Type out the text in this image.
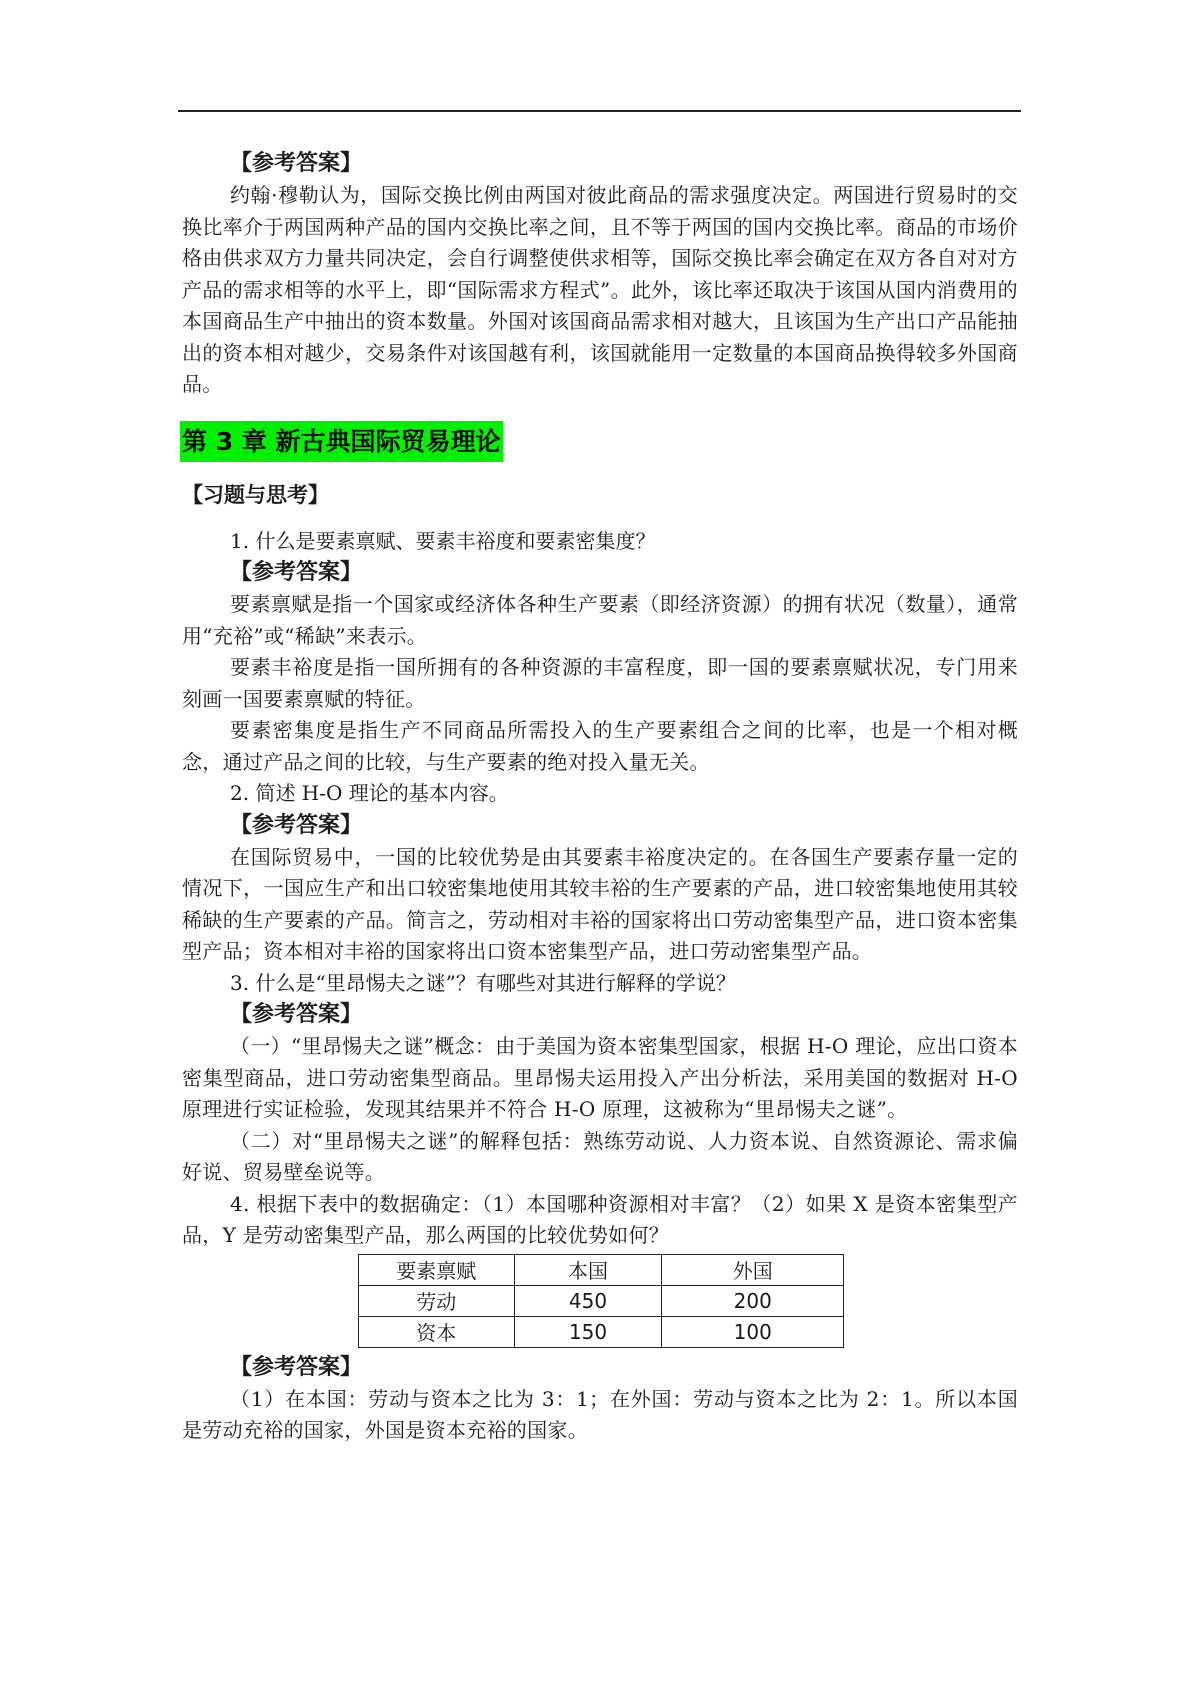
【参考答案】

约翰·穆勒认为，国际交换比例由两国对彼此商品的需求强度决定。两国进行贸易时的交换比率介于两国两种产品的国内交换比率之间，且不等于两国的国内交换比率。商品的市场价格由供求双方力量共同决定，会自行调整使供求相等，国际交换比率会确定在双方各自对对方产品的需求相等的水平上，即“国际需求方程式”。此外，该比率还取决于该国从国内消费用的本国商品生产中抽出的资本数量。外国对该国商品需求相对越大，且该国为生产出口产品能抽出的资本相对越少，交易条件对该国越有利，该国就能用一定数量的本国商品换得较多外国商品。

第 3 章 新古典国际贸易理论

【习题与思考】

1. 什么是要素禀赋、要素丰裕度和要素密集度？

【参考答案】

要素禀赋是指一个国家或经济体各种生产要素（即经济资源）的拥有状况（数量），通常用“充裕”或“稀缺”来表示。

要素丰裕度是指一国所拥有的各种资源的丰富程度，即一国的要素禀赋状况，专门用来刻画一国要素禀赋的特征。

要素密集度是指生产不同商品所需投入的生产要素组合之间的比率，也是一个相对概念，通过产品之间的比较，与生产要素的绝对投入量无关。

2. 简述 H-O 理论的基本内容。

【参考答案】

在国际贸易中，一国的比较优势是由其要素丰裕度决定的。在各国生产要素存量一定的情况下，一国应生产和出口较密集地使用其较丰裕的生产要素的产品，进口较密集地使用其较稀缺的生产要素的产品。简言之，劳动相对丰裕的国家将出口劳动密集型产品，进口资本密集型产品；资本相对丰裕的国家将出口资本密集型产品，进口劳动密集型产品。

3. 什么是“里昂惕夫之谜”？有哪些对其进行解释的学说？

【参考答案】

（一）“里昂惕夫之谜”概念：由于美国为资本密集型国家，根据 H-O 理论，应出口资本密集型商品，进口劳动密集型商品。里昂惕夫运用投入产出分析法，采用美国的数据对 H-O 原理进行实证检验，发现其结果并不符合 H-O 原理，这被称为“里昂惕夫之谜”。

（二）对“里昂惕夫之谜”的解释包括：熟练劳动说、人力资本说、自然资源论、需求偏好说、贸易壁垒说等。

4. 根据下表中的数据确定：（1）本国哪种资源相对丰富？（2）如果 X 是资本密集型产品，Y 是劳动密集型产品，那么两国的比较优势如何？

要素禀赋	本国	外国
劳动	450	200
资本	150	100

【参考答案】

（1）在本国：劳动与资本之比为 3：1；在外国：劳动与资本之比为 2：1。所以本国是劳动充裕的国家，外国是资本充裕的国家。
